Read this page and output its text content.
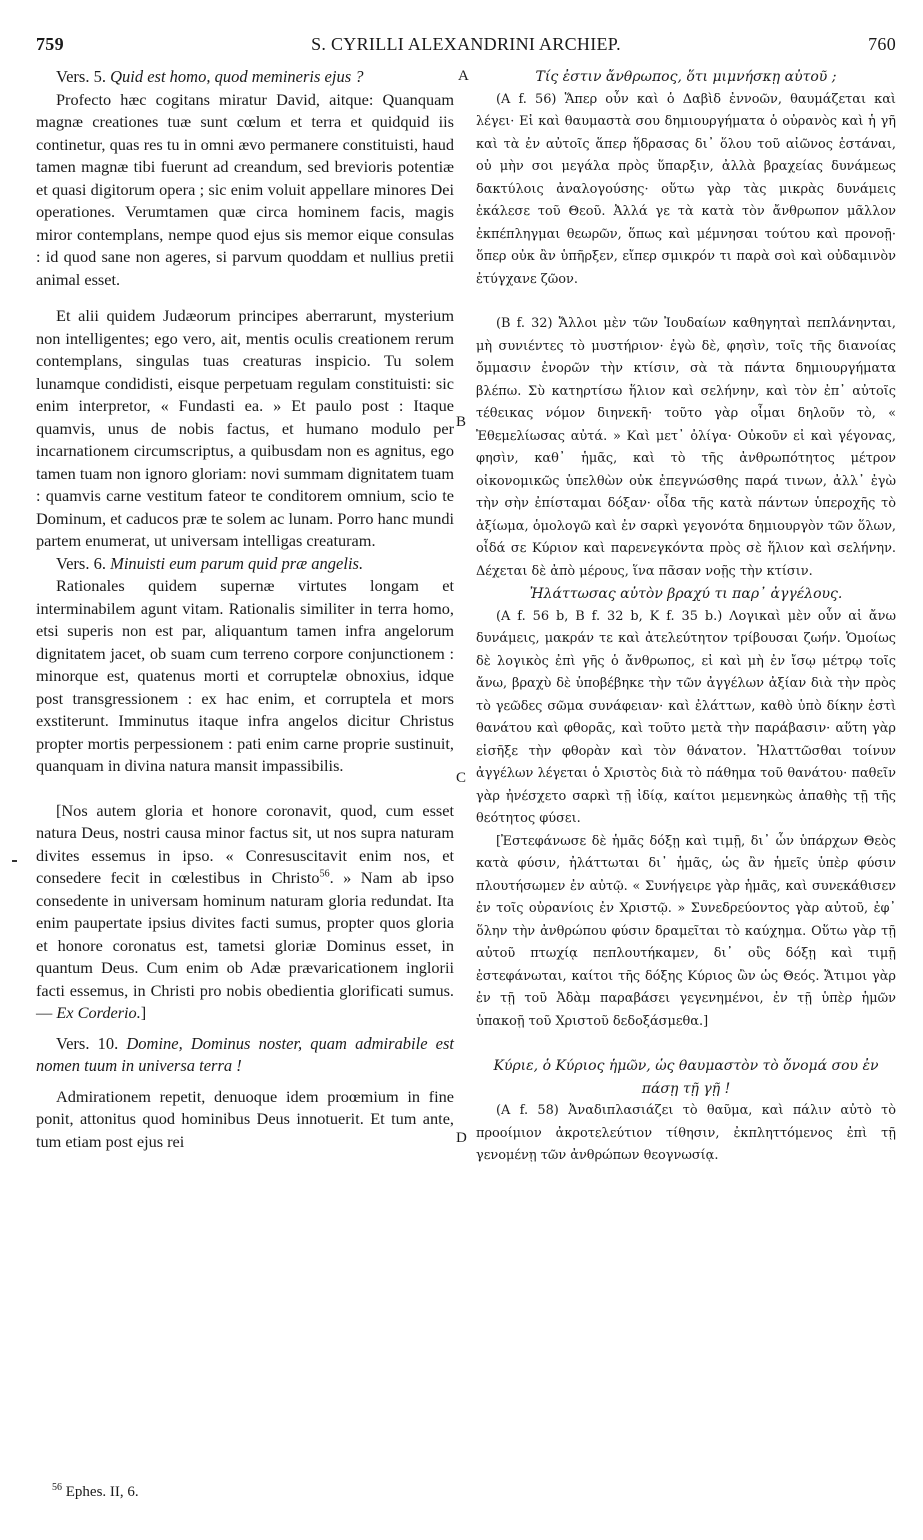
759	S. CYRILLI ALEXANDRINI ARCHIEP.	760

Vers. 5. Quid est homo, quod memineris ejus ?

Profecto hæc cogitans miratur David, aitque: Quanquam magnæ creationes tuæ sunt cœlum et terra et quidquid iis continetur, quas res tu in omni ævo permanere constituisti, haud tamen magnæ tibi fuerunt ad creandum, sed brevioris potentiæ et quasi digitorum opera ; sic enim voluit appellare minores Dei operationes. Verumtamen quæ circa hominem facis, magis miror contemplans, nempe quod ejus sis memor eique consulas : id quod sane non ageres, si parvum quoddam et nullius pretii animal esset.

Et alii quidem Judæorum principes aberrarunt, mysterium non intelligentes; ego vero, ait, mentis oculis creationem rerum contemplans, singulas tuas creaturas inspicio. Tu solem lunamque condidisti, eisque perpetuam regulam constituisti: sic enim interpretor, « Fundasti ea. » Et paulo post : Itaque quamvis, unus de nobis factus, et humano modulo per incarnationem circumscriptus, a quibusdam non es agnitus, ego tamen tuam non ignoro gloriam: novi summam dignitatem tuam : quamvis carne vestitum fateor te conditorem omnium, scio te Dominum, et caducos præ te solem ac lunam. Porro hanc mundi partem enumerat, ut universam intelligas creaturam.

Vers. 6. Minuisti eum parum quid præ angelis.

Rationales quidem supernæ virtutes longam et interminabilem agunt vitam. Rationalis similiter in terra homo, etsi superis non est par, aliquantum tamen infra angelorum dignitatem jacet, ob suam cum terreno corpore conjunctionem : minorque est, quatenus morti et corruptelæ obnoxius, idque post transgressionem : ex hac enim, et corruptela et mors exstiterunt. Imminutus itaque infra angelos dicitur Christus propter mortis perpessionem : pati enim carne proprie sustinuit, quanquam in divina natura mansit impassibilis.

[Nos autem gloria et honore coronavit, quod, cum esset natura Deus, nostri causa minor factus sit, ut nos supra naturam divites essemus in ipso. « Conresuscitavit enim nos, et consedere fecit in cœlestibus in Christo$^{56}$. » Nam ab ipso consedente in universam hominum naturam gloria redundat. Ita enim paupertate ipsius divites facti sumus, propter quos gloria et honore coronatus est, tametsi gloriæ Dominus esset, in quantum Deus. Cum enim ob Adæ prævaricationem inglorii facti essemus, in Christi pro nobis obedientia glorificati sumus. — Ex Corderio.]

Vers. 10. Domine, Dominus noster, quam admirabile est nomen tuum in universa terra !

Admirationem repetit, denuoque idem proœmium in fine ponit, attonitus quod hominibus Deus innotuerit. Et tum ante, tum etiam post ejus rei

Τίς ἐστιν ἄνθρωπος, ὅτι μιμνήσκῃ αὐτοῦ ;

(A f. 56) Ἅπερ οὖν καὶ ὁ Δαβὶδ ἐννοῶν, θαυμάζεται καὶ λέγει· Εἰ καὶ θαυμαστὰ σου δημιουργήματα ὁ οὐρανὸς καὶ ἡ γῆ καὶ τὰ ἐν αὐτοῖς ἅπερ ἥδρασας δι᾽ ὅλου τοῦ αἰῶνος ἑστάναι, οὐ μὴν σοι μεγάλα πρὸς ὕπαρξιν, ἀλλὰ βραχείας δυνάμεως δακτύλοις ἀναλογούσης· οὕτω γὰρ τὰς μικρὰς δυνάμεις ἐκάλεσε τοῦ Θεοῦ. Ἀλλά γε τὰ κατὰ τὸν ἄνθρωπον μᾶλλον ἐκπέπληγμαι θεωρῶν, ὅπως καὶ μέμνησαι τούτου καὶ προνοῇ· ὅπερ οὐκ ἂν ὑπῆρξεν, εἴπερ σμικρόν τι παρὰ σοὶ καὶ οὐδαμινὸν ἐτύγχανε ζῶον.

(B f. 32) Ἄλλοι μὲν τῶν Ἰουδαίων καθηγηταὶ πεπλάνηνται, μὴ συνιέντες τὸ μυστήριον· ἐγὼ δὲ, φησὶν, τοῖς τῆς διανοίας ὄμμασιν ἐνορῶν τὴν κτίσιν, σὰ τὰ πάντα δημιουργήματα βλέπω. Σὺ κατηρτίσω ἥλιον καὶ σελήνην, καὶ τὸν ἐπ᾽ αὐτοῖς τέθεικας νόμον διηνεκῆ· τοῦτο γὰρ οἶμαι δηλοῦν τὸ, « Ἐθεμελίωσας αὐτά. » Καὶ μετ᾽ ὀλίγα· Οὐκοῦν εἰ καὶ γέγονας, φησὶν, καθ᾽ ἡμᾶς, καὶ τὸ τῆς ἀνθρωπότητος μέτρον οἰκονομικῶς ὑπελθὼν οὐκ ἐπεγνώσθης παρά τινων, ἀλλ᾽ ἐγὼ τὴν σὴν ἐπίσταμαι δόξαν· οἶδα τῆς κατὰ πάντων ὑπεροχῆς τὸ ἀξίωμα, ὁμολογῶ καὶ ἐν σαρκὶ γεγονότα δημιουργὸν τῶν ὅλων, οἶδά σε Κύριον καὶ παρενεγκόντα πρὸς σὲ ἥλιον καὶ σελήνην. Δέχεται δὲ ἀπὸ μέρους, ἵνα πᾶσαν νοῇς τὴν κτίσιν.

Ἠλάττωσας αὐτὸν βραχύ τι παρ᾽ ἀγγέλους.

(A f. 56 b, B f. 32 b, K f. 35 b.) Λογικαὶ μὲν οὖν αἱ ἄνω δυνάμεις, μακράν τε καὶ ἀτελεύτητον τρίβουσαι ζωήν. Ὁμοίως δὲ λογικὸς ἐπὶ γῆς ὁ ἄνθρωπος, εἰ καὶ μὴ ἐν ἴσῳ μέτρῳ τοῖς ἄνω, βραχὺ δὲ ὑποβέβηκε τὴν τῶν ἀγγέλων ἀξίαν διὰ τὴν πρὸς τὸ γεῶδες σῶμα συνάφειαν· καὶ ἐλάττων, καθὸ ὑπὸ δίκην ἐστὶ θανάτου καὶ φθορᾶς, καὶ τοῦτο μετὰ τὴν παράβασιν· αὕτη γὰρ εἰσῆξε τὴν φθορὰν καὶ τὸν θάνατον. Ἠλαττῶσθαι τοίνυν ἀγγέλων λέγεται ὁ Χριστὸς διὰ τὸ πάθημα τοῦ θανάτου· παθεῖν γὰρ ἠνέσχετο σαρκὶ τῇ ἰδίᾳ, καίτοι μεμενηκὼς ἀπαθὴς τῇ τῆς θεότητος φύσει.

[Ἐστεφάνωσε δὲ ἡμᾶς δόξῃ καὶ τιμῇ, δι᾽ ὧν ὑπάρχων Θεὸς κατὰ φύσιν, ἠλάττωται δι᾽ ἡμᾶς, ὡς ἂν ἡμεῖς ὑπὲρ φύσιν πλουτήσωμεν ἐν αὐτῷ. « Συνήγειρε γὰρ ἡμᾶς, καὶ συνεκάθισεν ἐν τοῖς οὐρανίοις ἐν Χριστῷ. » Συνεδρεύοντος γὰρ αὐτοῦ, ἐφ᾽ ὅλην τὴν ἀνθρώπου φύσιν δραμεῖται τὸ καύχημα. Οὕτω γὰρ τῇ αὐτοῦ πτωχίᾳ πεπλουτήκαμεν, δι᾽ οὓς δόξῃ καὶ τιμῇ ἐστεφάνωται, καίτοι τῆς δόξης Κύριος ὢν ὡς Θεός. Ἄτιμοι γὰρ ἐν τῇ τοῦ Ἀδὰμ παραβάσει γεγενημένοι, ἐν τῇ ὑπὲρ ἡμῶν ὑπακοῇ τοῦ Χριστοῦ δεδοξάσμεθα.]

Κύριε, ὁ Κύριος ἡμῶν, ὡς θαυμαστὸν τὸ ὄνομά σου ἐν πάσῃ τῇ γῇ !

(A f. 58) Ἀναδιπλασιάζει τὸ θαῦμα, καὶ πάλιν αὐτὸ τὸ προοίμιον ἀκροτελεύτιον τίθησιν, ἐκπληττόμενος ἐπὶ τῇ γενομένῃ τῶν ἀνθρώπων θεογνωσίᾳ.

A
B
C
D
$^{56}$ Ephes. II, 6.
